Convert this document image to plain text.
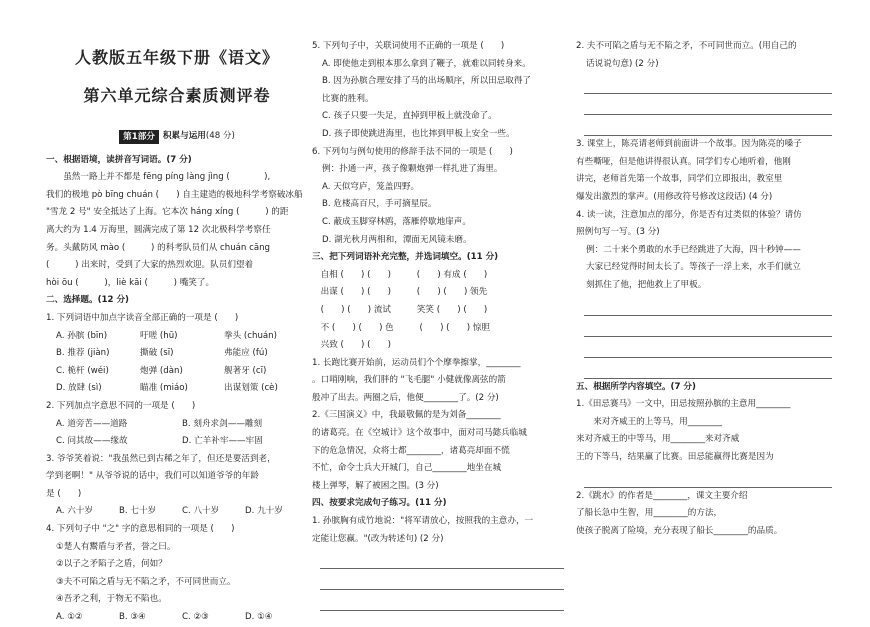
人教版五年级下册《语文》
第六单元综合素质测评卷
第1部分 积累与运用 (48 分)
一、根据语境，读拼音写词语。(7 分)
　　虽然一路上并不都是 fēng píng làng jìng (　　　　),
我们的极地 pò bīng chuán (　　) 自主建造的极地科学考察破冰船
"雪龙 2 号" 安全抵达了上海。它本次 háng xíng (　　　) 的距
离大约为 1.4 万海里，圆满完成了第 12 次北极科学考察任
务。头戴防风 mào (　　　) 的科考队员们从 chuán cāng
(　　　) 出来时，受到了大家的热烈欢迎。队员们望着
hòi ōu (　　　)，liè kāi (　　　) 嘴笑了。
二、选择题。(12 分)
1. 下列词语中加点字读音全部正确的一项是 (　　)
A. 孙膑 (bīn)	吁嗟 (hū)	拳头 (chuán)
B. 推荐 (jiàn)	撕破 (sī)	弗能应 (fú)
C. 桅杆 (wéi)	炮弹 (dàn)	舰著牙 (cī)
D. 放肆 (sì)	瞄准 (miáo)	出谋划策 (cè)
2. 下列加点字意思不同的一项是 (　　)
A. 道旁苦——道路	B. 刻舟求剑——雕刻
C. 问其故——缘故	D. 亡羊补牢——牢固
3. 爷爷笑着说："我虽然已到古稀之年了，但还是要活到老，
学到老啊！" 从爷爷说的话中，我们可以知道爷爷的年龄
是 (　　)
A. 六十岁	B. 七十岁	C. 八十岁	D. 九十岁
4. 下列句子中 "之" 字的意思相同的一项是 (　　)
①楚人有鬻盾与矛者，誉之曰。
②以子之矛陷子之盾，何如？
③夫不可陷之盾与无不陷之矛，不可同世而立。
④吾矛之利，于物无不陷也。
A. ①②	B. ③④	C. ②③	D. ①④
5. 下列句子中，关联词使用不正确的一项是 (　　)
A. 即使他走到根本那么拿到了鞭子，就难以同转身来。
B. 因为孙膑合理安排了马的出场顺序，所以田忌取得了
比赛的胜利。
C. 孩子只要一失足，直掉到甲板上就没命了。
D. 孩子即使跳进海里，也比摔到甲板上安全一些。
6. 下列句与例句使用的修辞手法不同的一项是 (　　)
例：扑通一声，孩子像颗炮弹一样扎进了海里。
A. 天似穹庐，笼盖四野。
B. 危楼高百尺，手可摘星辰。
C. 蔽成玉脚穿林鸥，落雁停歇地扉声。
D. 湖光秋月两相和，潭面无风镜未磨。
三、把下列词语补充完整，并选词填空。(11 分)
　自相 (　　) (　　)　　　(　　) 有成 (　　)
　出谋 (　　) (　　)　　　(　　) (　　) 领先
　(　　) (　　) 流试　　　笑笑 (　　) (　　)
　不 (　　) (　　) 色　　　(　　) (　　) 惊胆
　兴致 (　　) (　　)
1. 长跑比赛开始前，运动员们个个摩拳擦掌，________
。口哨刚响，我们胖的 "飞毛腿" 小健就像离弦的箭
般冲了出去。两圈之后，他便________了。(2 分)
2.《三国演义》中，我最敬佩的是为刘备________
的诸葛亮。在《空城计》这个故事中，面对司马懿兵临城
下的危急情况，众将士都________，诸葛亮却面不慌
不忙，命令士兵大开城门，自己________地坐在城
楼上弹琴，解了被困之围。(3 分)
四、按要求完成句子练习。(11 分)
1. 孙膑胸有成竹地说："将军请放心，按照我的主意办，一
定能让您赢。"(改为转述句) (2 分)
2. 夫不可陷之盾与无不陷之矛，不可同世而立。(用自己的
话说说句意) (2 分)
3. 课堂上，陈亮请老师到前面讲一个故事。因为陈亮的嗓子
有些嘶哑，但是他讲得很认真。同学们专心地听着，他刚
讲完，老师首先第一个故事，同学们立即报出，教室里
爆发出激烈的掌声。(用修改符号修改这段话) (4 分)
4. 读一读，注意加点的部分，你是否有过类似的体验？请仿
照例句写一写。(3 分)
例：二十来个勇敢的水手已经跳进了大海，四十秒钟——
大家已经觉得时间太长了。等孩子一浮上来，水手们就立
刻抓住了他，把他救上了甲板。
五、根据所学内容填空。(7 分)
1.《田忌赛马》一文中，田忌按照孙膑的主意用________
　　来对齐威王的上等马，用________
来对齐威王的中等马，用________来对齐威
王的下等马，结果赢了比赛。田忌能赢得比赛是因为
2.《跳水》的作者是________，课文主要介绍
了船长急中生智，用________的方法，
使孩子脱离了险境，充分表现了船长________的品质。
